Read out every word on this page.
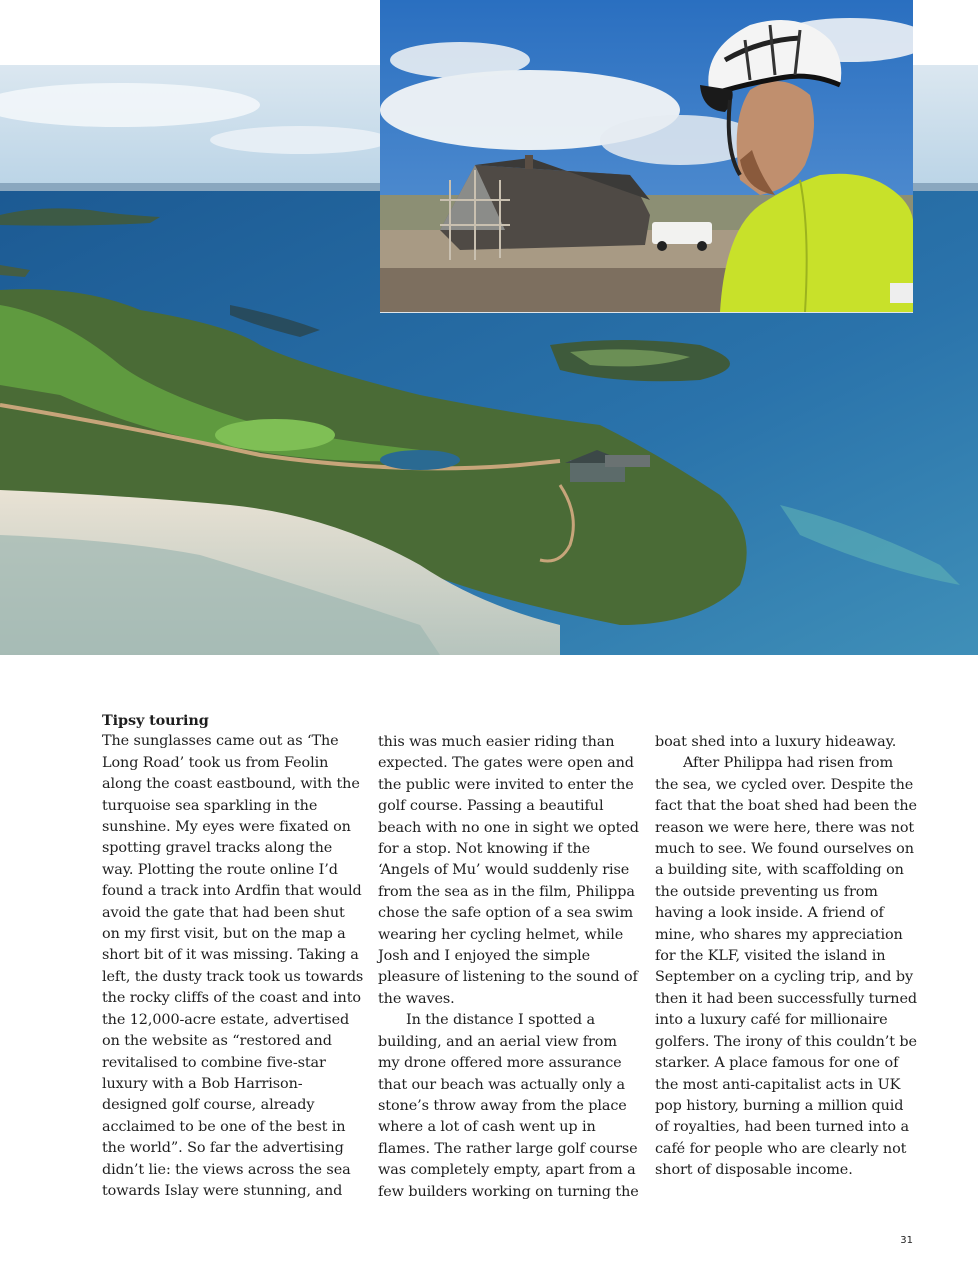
Tipsy touring

The sunglasses came out as ‘The Long Road’ took us from Feolin along the coast eastbound, with the turquoise sea sparkling in the sunshine. My eyes were fixated on spotting gravel tracks along the way. Plotting the route online I’d found a track into Ardfin that would avoid the gate that had been shut on my first visit, but on the map a short bit of it was missing. Taking a left, the dusty track took us towards the rocky cliffs of the coast and into the 12,000-acre estate, advertised on the website as “restored and revitalised to combine five-star luxury with a Bob Harrison-designed golf course, already acclaimed to be one of the best in the world”. So far the advertising didn’t lie: the views across the sea towards Islay were stunning, and

this was much easier riding than expected. The gates were open and the public were invited to enter the golf course. Passing a beautiful beach with no one in sight we opted for a stop. Not knowing if the ‘Angels of Mu’ would suddenly rise from the sea as in the film, Philippa chose the safe option of a sea swim wearing her cycling helmet, while Josh and I enjoyed the simple pleasure of listening to the sound of the waves.

In the distance I spotted a building, and an aerial view from my drone offered more assurance that our beach was actually only a stone’s throw away from the place where a lot of cash went up in flames. The rather large golf course was completely empty, apart from a few builders working on turning the

boat shed into a luxury hideaway.

After Philippa had risen from the sea, we cycled over. Despite the fact that the boat shed had been the reason we were here, there was not much to see. We found ourselves on a building site, with scaffolding on the outside preventing us from having a look inside. A friend of mine, who shares my appreciation for the KLF, visited the island in September on a cycling trip, and by then it had been successfully turned into a luxury café for millionaire golfers. The irony of this couldn’t be starker. A place famous for one of the most anti-capitalist acts in UK pop history, burning a million quid of royalties, had been turned into a café for people who are clearly not short of disposable income.

31
